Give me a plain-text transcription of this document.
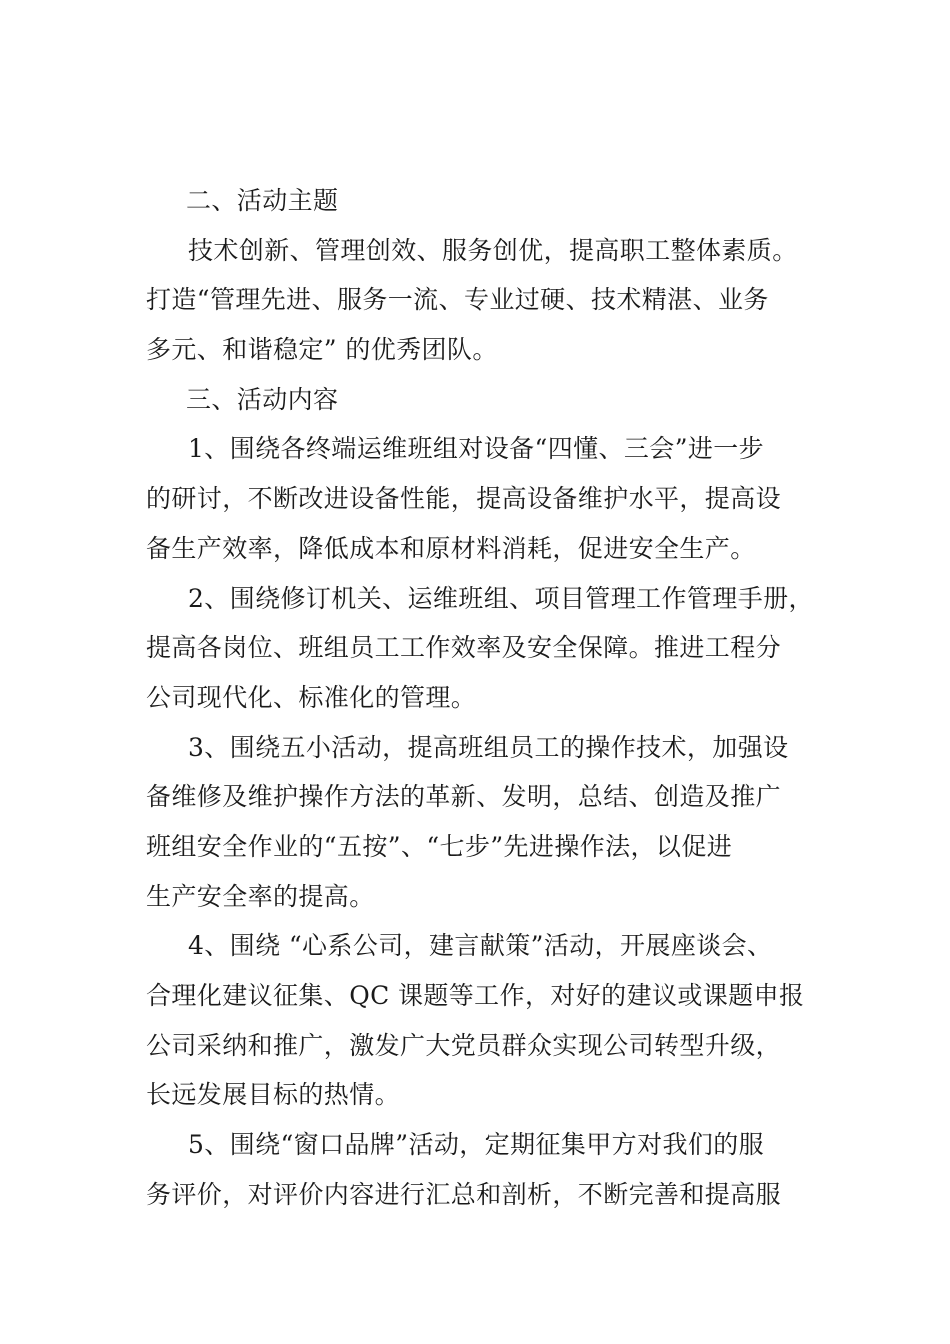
二、活动主题
技术创新、管理创效、服务创优，提高职工整体素质。
打造“管理先进、服务一流、专业过硬、技术精湛、业务
多元、和谐稳定” 的优秀团队。
三、活动内容
1、围绕各终端运维班组对设备“四懂、三会”进一步
的研讨，不断改进设备性能，提高设备维护水平，提高设
备生产效率，降低成本和原材料消耗，促进安全生产。
2、围绕修订机关、运维班组、项目管理工作管理手册，
提高各岗位、班组员工工作效率及安全保障。推进工程分
公司现代化、标准化的管理。
3、围绕五小活动，提高班组员工的操作技术，加强设
备维修及维护操作方法的革新、发明，总结、创造及推广
班组安全作业的“五按”、“七步”先进操作法，以促进
生产安全率的提高。
4、围绕 “心系公司，建言献策”活动，开展座谈会、
合理化建议征集、QC 课题等工作，对好的建议或课题申报
公司采纳和推广，激发广大党员群众实现公司转型升级，
长远发展目标的热情。
5、围绕“窗口品牌”活动，定期征集甲方对我们的服
务评价，对评价内容进行汇总和剖析，不断完善和提高服
